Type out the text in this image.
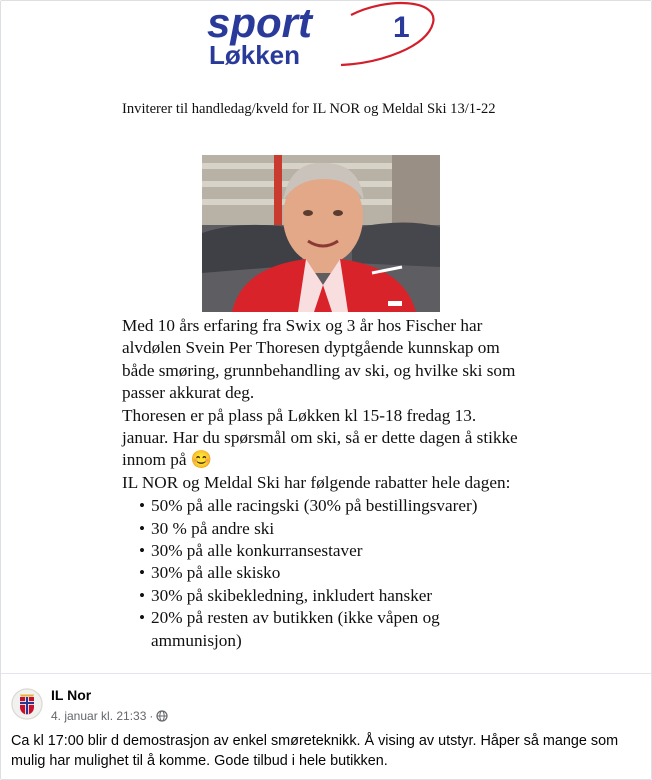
sport	1
Løkken
Inviterer til handledag/kveld for IL NOR og Meldal Ski 13/1-22

Med 10 års erfaring fra Swix og 3 år hos Fischer har alvdølen Svein Per Thoresen dyptgående kunnskap om både smøring, grunnbehandling av ski, og hvilke ski som passer akkurat deg.

Thoresen er på plass på Løkken kl 15-18 fredag 13. januar. Har du spørsmål om ski, så er dette dagen å stikke innom på 😊

IL NOR og Meldal Ski har følgende rabatter hele dagen:

• 50% på alle racingski (30% på bestillingsvarer)
• 30 % på andre ski
• 30% på alle konkurransestaver
• 30% på alle skisko
• 30% på skibekledning, inkludert hansker
• 20% på resten av butikken (ikke våpen og ammunisjon)
IL Nor
4. januar kl. 21:33 ·
Ca kl 17:00 blir d demostrasjon av enkel smøreteknikk. Å vising av utstyr. Håper så mange som mulig har mulighet til å komme. Gode tilbud i hele butikken.
